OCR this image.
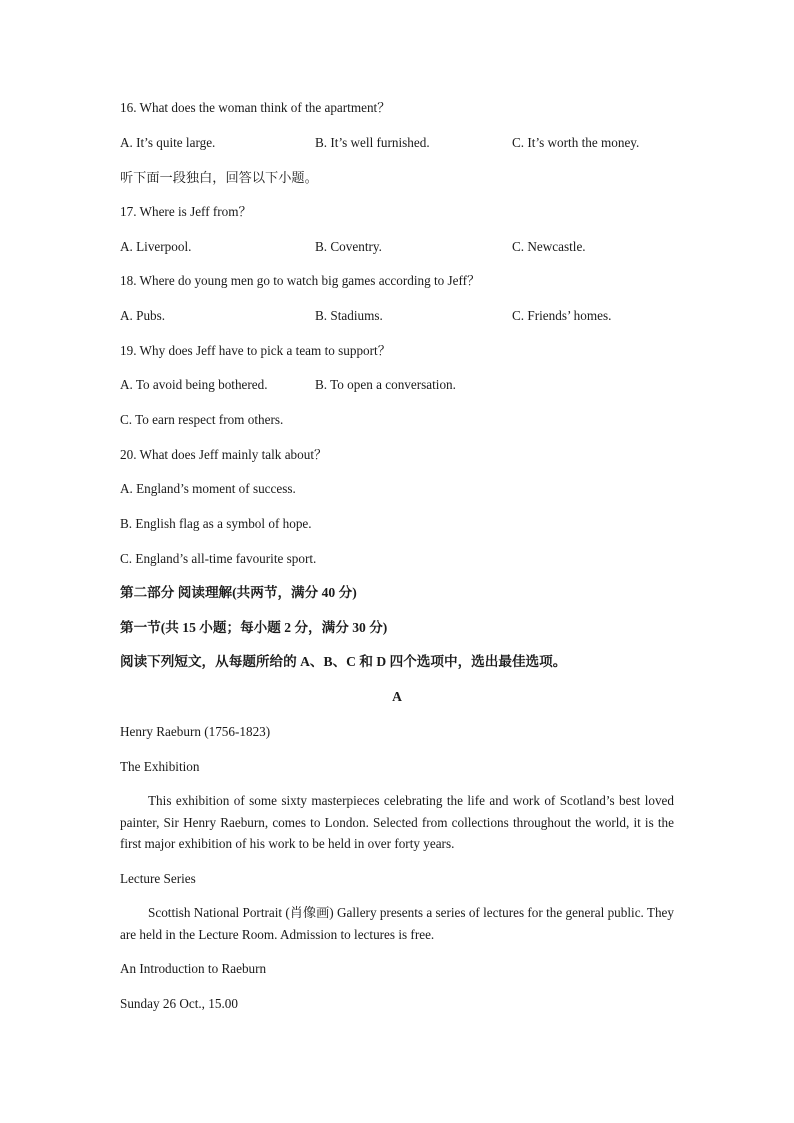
16. What does the woman think of the apartment？
A. It’s quite large.	B. It’s well furnished.	C. It’s worth the money.
听下面一段独白，回答以下小题。
17. Where is Jeff from？
A. Liverpool.	B. Coventry.	C. Newcastle.
18. Where do young men go to watch big games according to Jeff？
A. Pubs.	B. Stadiums.	C. Friends’ homes.
19. Why does Jeff have to pick a team to support？
A. To avoid being bothered.	B. To open a conversation.
C. To earn respect from others.
20. What does Jeff mainly talk about？
A. England’s moment of success.
B. English flag as a symbol of hope.
C. England’s all-time favourite sport.
第二部分 阅读理解(共两节，满分 40 分)
第一节(共 15 小题；每小题 2 分，满分 30 分)
阅读下列短文，从每题所给的 A、B、C 和 D 四个选项中，选出最佳选项。
A
Henry Raeburn (1756-1823)
The Exhibition
This exhibition of some sixty masterpieces celebrating the life and work of Scotland’s best loved painter, Sir Henry Raeburn, comes to London. Selected from collections throughout the world, it is the first major exhibition of his work to be held in over forty years.
Lecture Series
Scottish National Portrait (肖像画) Gallery presents a series of lectures for the general public. They are held in the Lecture Room. Admission to lectures is free.
An Introduction to Raeburn
Sunday 26 Oct., 15.00
